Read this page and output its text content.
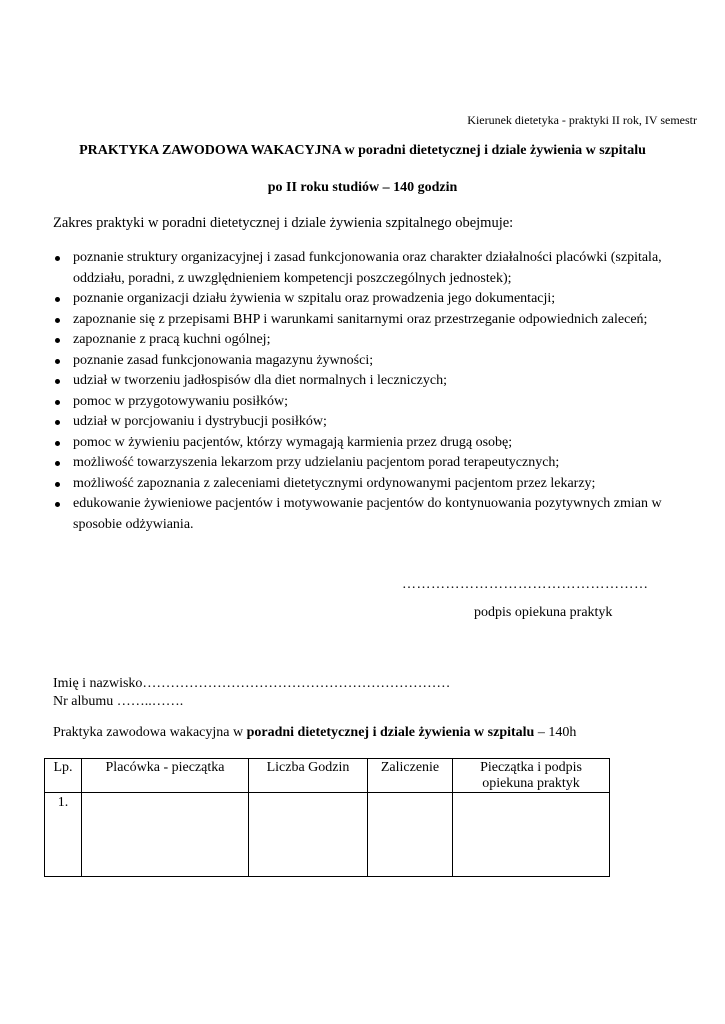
Kierunek dietetyka - praktyki II rok, IV semestr
PRAKTYKA ZAWODOWA WAKACYJNA w poradni dietetycznej i dziale żywienia w szpitalu
po II roku studiów – 140 godzin
Zakres praktyki w poradni dietetycznej i dziale żywienia szpitalnego obejmuje:
poznanie struktury organizacyjnej i zasad funkcjonowania oraz charakter działalności placówki (szpitala, oddziału, poradni, z uwzględnieniem kompetencji poszczególnych jednostek);
poznanie organizacji działu żywienia w szpitalu oraz prowadzenia jego dokumentacji;
zapoznanie się z przepisami BHP i warunkami sanitarnymi oraz przestrzeganie odpowiednich zaleceń;
zapoznanie z pracą kuchni ogólnej;
poznanie zasad funkcjonowania magazynu żywności;
udział w tworzeniu jadłospisów dla diet normalnych i leczniczych;
pomoc w przygotowywaniu posiłków;
udział w porcjowaniu i dystrybucji posiłków;
pomoc w żywieniu pacjentów, którzy wymagają karmienia przez drugą osobę;
możliwość towarzyszenia lekarzom przy udzielaniu pacjentom porad terapeutycznych;
możliwość zapoznania z zaleceniami dietetycznymi ordynowanymi pacjentom przez lekarzy;
edukowanie żywieniowe pacjentów i motywowanie pacjentów do kontynuowania pozytywnych zmian w sposobie odżywiania.
……………………………………………
podpis opiekuna praktyk
Imię i nazwisko…………………………………………………………
Nr albumu ……..…….
Praktyka zawodowa wakacyjna w poradni dietetycznej i dziale żywienia w szpitalu – 140h
Lp.	Placówka - pieczątka	Liczba Godzin	Zaliczenie	Pieczątka i podpis opiekuna praktyk
1.				
